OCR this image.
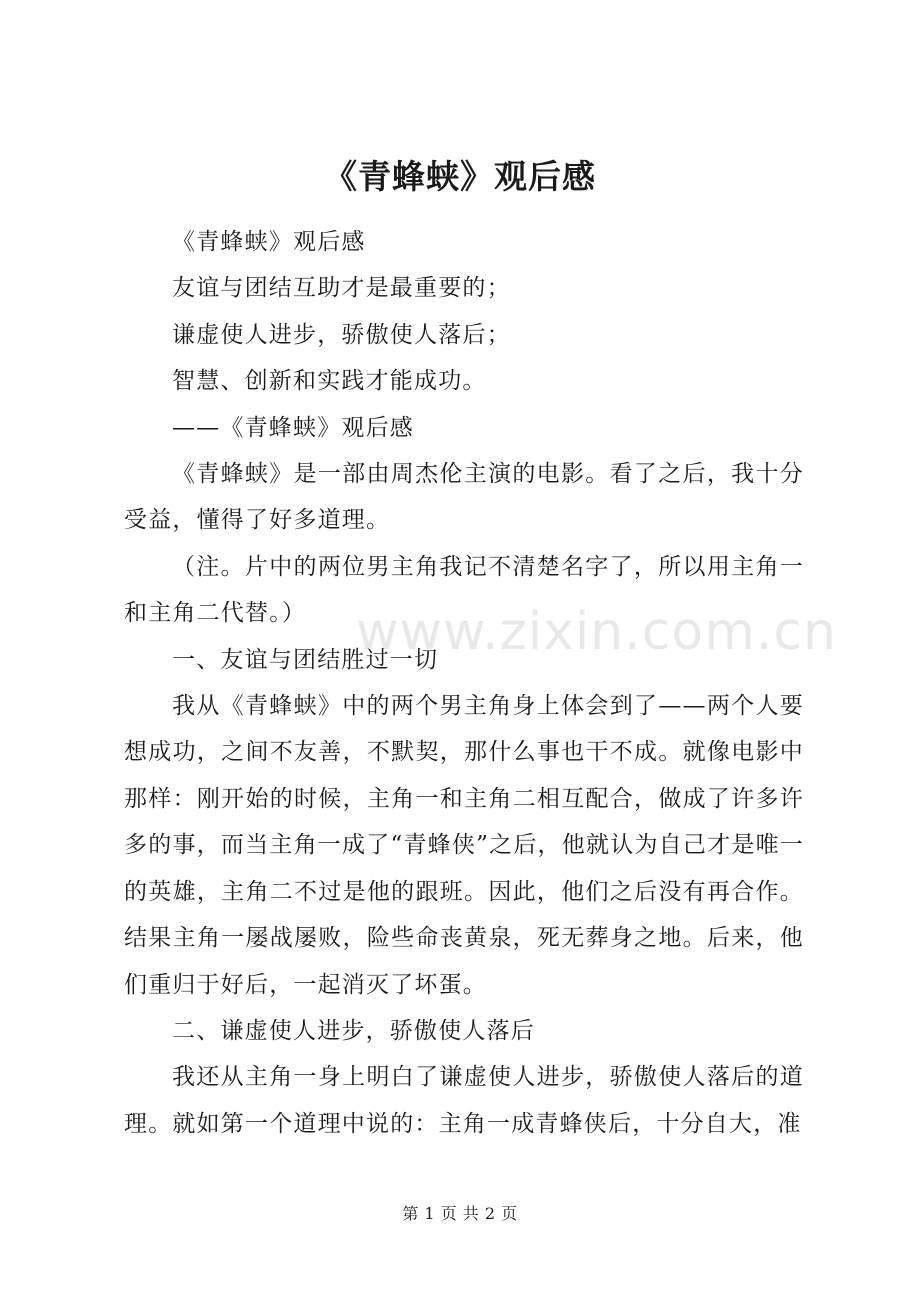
《青蜂蛱》观后感

《青蜂蛱》观后感

友谊与团结互助才是最重要的；

谦虚使人进步，骄傲使人落后；

智慧、创新和实践才能成功。

——《青蜂蛱》观后感

《青蜂蛱》是一部由周杰伦主演的电影。看了之后，我十分受益，懂得了好多道理。

（注。片中的两位男主角我记不清楚名字了，所以用主角一和主角二代替。）

一、友谊与团结胜过一切

我从《青蜂蛱》中的两个男主角身上体会到了——两个人要想成功，之间不友善，不默契，那什么事也干不成。就像电影中那样：刚开始的时候，主角一和主角二相互配合，做成了许多许多的事，而当主角一成了“青蜂侠”之后，他就认为自己才是唯一的英雄，主角二不过是他的跟班。因此，他们之后没有再合作。结果主角一屡战屡败，险些命丧黄泉，死无葬身之地。后来，他们重归于好后，一起消灭了坏蛋。

二、谦虚使人进步，骄傲使人落后

我还从主角一身上明白了谦虚使人进步，骄傲使人落后的道理。就如第一个道理中说的：主角一成青蜂侠后，十分自大，准

www.zixin.com.cn
第 1 页 共 2 页
